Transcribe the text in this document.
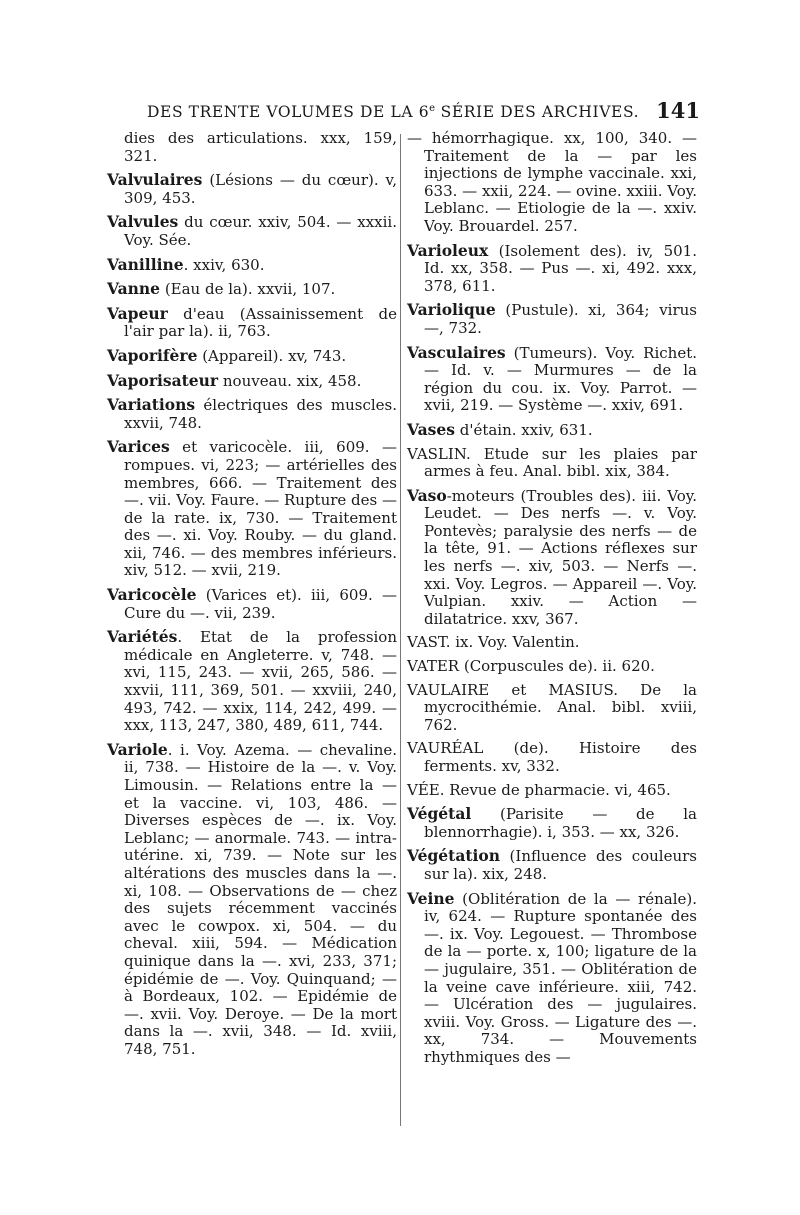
DES TRENTE VOLUMES DE LA 6e SÉRIE DES ARCHIVES. 141

dies des articulations. xxx, 159, 321.

Valvulaires (Lésions — du cœur). v, 309, 453.

Valvules du cœur. xxiv, 504. — xxxii. Voy. Sée.

Vanilline. xxiv, 630.

Vanne (Eau de la). xxvii, 107.

Vapeur d'eau (Assainissement de l'air par la). ii, 763.

Vaporifère (Appareil). xv, 743.

Vaporisateur nouveau. xix, 458.

Variations électriques des muscles. xxvii, 748.

Varices et varicocèle. iii, 609. — rompues. vi, 223; — artérielles des membres, 666. — Traitement des —. vii. Voy. Faure. — Rupture des — de la rate. ix, 730. — Traitement des —. xi. Voy. Rouby. — du gland. xii, 746. — des membres inférieurs. xiv, 512. — xvii, 219.

Varicocèle (Varices et). iii, 609. — Cure du —. vii, 239.

Variétés. Etat de la profession médicale en Angleterre. v, 748. — xvi, 115, 243. — xvii, 265, 586. — xxvii, 111, 369, 501. — xxviii, 240, 493, 742. — xxix, 114, 242, 499. — xxx, 113, 247, 380, 489, 611, 744.

Variole. i. Voy. Azema. — chevaline. ii, 738. — Histoire de la —. v. Voy. Limousin. — Relations entre la — et la vaccine. vi, 103, 486. — Diverses espèces de —. ix. Voy. Leblanc; — anormale. 743. — intra-utérine. xi, 739. — Note sur les altérations des muscles dans la —. xi, 108. — Observations de — chez des sujets récemment vaccinés avec le cowpox. xi, 504. — du cheval. xiii, 594. — Médication quinique dans la —. xvi, 233, 371; épidémie de —. Voy. Quinquand; — à Bordeaux, 102. — Epidémie de —. xvii. Voy. Deroye. — De la mort dans la —. xvii, 348. — Id. xviii, 748, 751.

— hémorrhagique. xx, 100, 340. — Traitement de la — par les injections de lymphe vaccinale. xxi, 633. — xxii, 224. — ovine. xxiii. Voy. Leblanc. — Etiologie de la —. xxiv. Voy. Brouardel. 257.

Varioleux (Isolement des). iv, 501. Id. xx, 358. — Pus —. xi, 492. xxx, 378, 611.

Variolique (Pustule). xi, 364; virus —, 732.

Vasculaires (Tumeurs). Voy. Richet. — Id. v. — Murmures — de la région du cou. ix. Voy. Parrot. — xvii, 219. — Système —. xxiv, 691.

Vases d'étain. xxiv, 631.

VASLIN. Etude sur les plaies par armes à feu. Anal. bibl. xix, 384.

Vaso-moteurs (Troubles des). iii. Voy. Leudet. — Des nerfs —. v. Voy. Pontevès; paralysie des nerfs — de la tête, 91. — Actions réflexes sur les nerfs —. xiv, 503. — Nerfs —. xxi. Voy. Legros. — Appareil —. Voy. Vulpian. xxiv. — Action — dilatatrice. xxv, 367.

VAST. ix. Voy. Valentin.

VATER (Corpuscules de). ii. 620.

VAULAIRE et MASIUS. De la mycrocithémie. Anal. bibl. xviii, 762.

VAURÉAL (de). Histoire des ferments. xv, 332.

VÉE. Revue de pharmacie. vi, 465.

Végétal (Parisite — de la blennorrhagie). i, 353. — xx, 326.

Végétation (Influence des couleurs sur la). xix, 248.

Veine (Oblitération de la — rénale). iv, 624. — Rupture spontanée des —. ix. Voy. Legouest. — Thrombose de la — porte. x, 100; ligature de la — jugulaire, 351. — Oblitération de la veine cave inférieure. xiii, 742. — Ulcération des — jugulaires. xviii. Voy. Gross. — Ligature des —. xx, 734. — Mouvements rhythmiques des —
